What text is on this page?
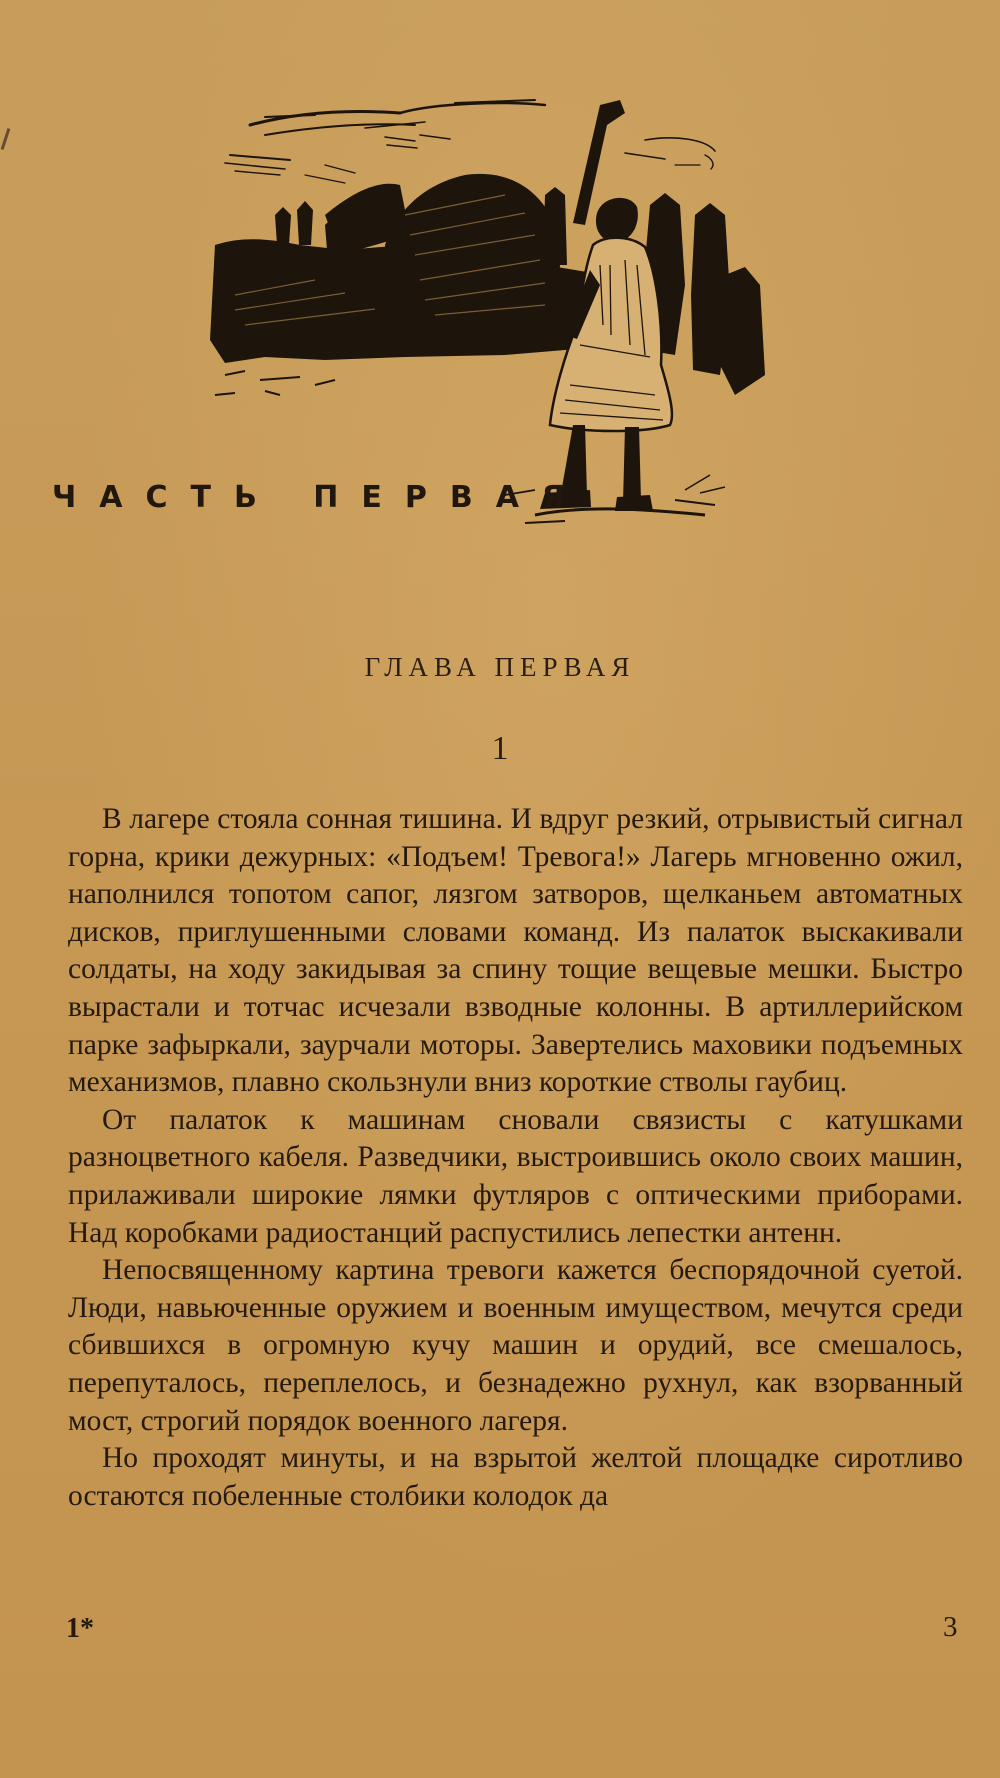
ЧАСТЬ ПЕРВАЯ
ГЛАВА ПЕРВАЯ
1

В лагере стояла сонная тишина. И вдруг резкий, отрывистый сигнал горна, крики дежурных: «Подъем! Тревога!» Лагерь мгновенно ожил, наполнился топотом сапог, лязгом затворов, щелканьем автоматных дисков, приглушенными словами команд. Из палаток выскакивали солдаты, на ходу закидывая за спину тощие вещевые мешки. Быстро вырастали и тотчас исчезали взводные колонны. В артиллерийском парке зафыркали, заурчали моторы. Завертелись маховики подъемных механизмов, плавно скользнули вниз короткие стволы гаубиц.

От палаток к машинам сновали связисты с катушками разноцветного кабеля. Разведчики, выстроившись около своих машин, прилаживали широкие лямки футляров с оптическими приборами. Над коробками радиостанций распустились лепестки антенн.

Непосвященному картина тревоги кажется беспорядочной суетой. Люди, навьюченные оружием и военным имуществом, мечутся среди сбившихся в огромную кучу машин и орудий, все смешалось, перепуталось, переплелось, и безнадежно рухнул, как взорванный мост, строгий порядок военного лагеря.

Но проходят минуты, и на взрытой желтой площадке сиротливо остаются побеленные столбики колодок да

1*	3
